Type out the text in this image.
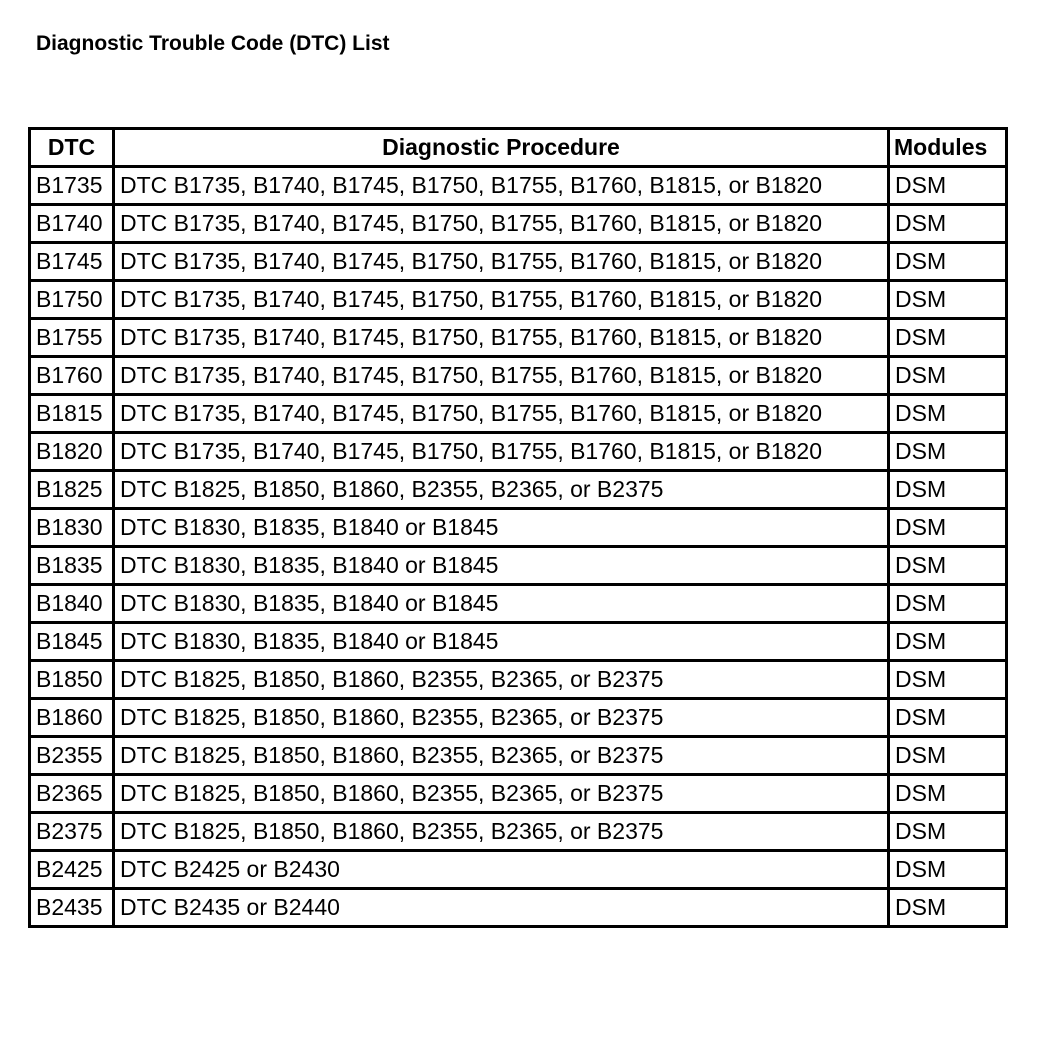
Diagnostic Trouble Code (DTC) List
DTC	Diagnostic Procedure	Modules
B1735	DTC B1735, B1740, B1745, B1750, B1755, B1760, B1815, or B1820	DSM
B1740	DTC B1735, B1740, B1745, B1750, B1755, B1760, B1815, or B1820	DSM
B1745	DTC B1735, B1740, B1745, B1750, B1755, B1760, B1815, or B1820	DSM
B1750	DTC B1735, B1740, B1745, B1750, B1755, B1760, B1815, or B1820	DSM
B1755	DTC B1735, B1740, B1745, B1750, B1755, B1760, B1815, or B1820	DSM
B1760	DTC B1735, B1740, B1745, B1750, B1755, B1760, B1815, or B1820	DSM
B1815	DTC B1735, B1740, B1745, B1750, B1755, B1760, B1815, or B1820	DSM
B1820	DTC B1735, B1740, B1745, B1750, B1755, B1760, B1815, or B1820	DSM
B1825	DTC B1825, B1850, B1860, B2355, B2365, or B2375	DSM
B1830	DTC B1830, B1835, B1840 or B1845	DSM
B1835	DTC B1830, B1835, B1840 or B1845	DSM
B1840	DTC B1830, B1835, B1840 or B1845	DSM
B1845	DTC B1830, B1835, B1840 or B1845	DSM
B1850	DTC B1825, B1850, B1860, B2355, B2365, or B2375	DSM
B1860	DTC B1825, B1850, B1860, B2355, B2365, or B2375	DSM
B2355	DTC B1825, B1850, B1860, B2355, B2365, or B2375	DSM
B2365	DTC B1825, B1850, B1860, B2355, B2365, or B2375	DSM
B2375	DTC B1825, B1850, B1860, B2355, B2365, or B2375	DSM
B2425	DTC B2425 or B2430	DSM
B2435	DTC B2435 or B2440	DSM
